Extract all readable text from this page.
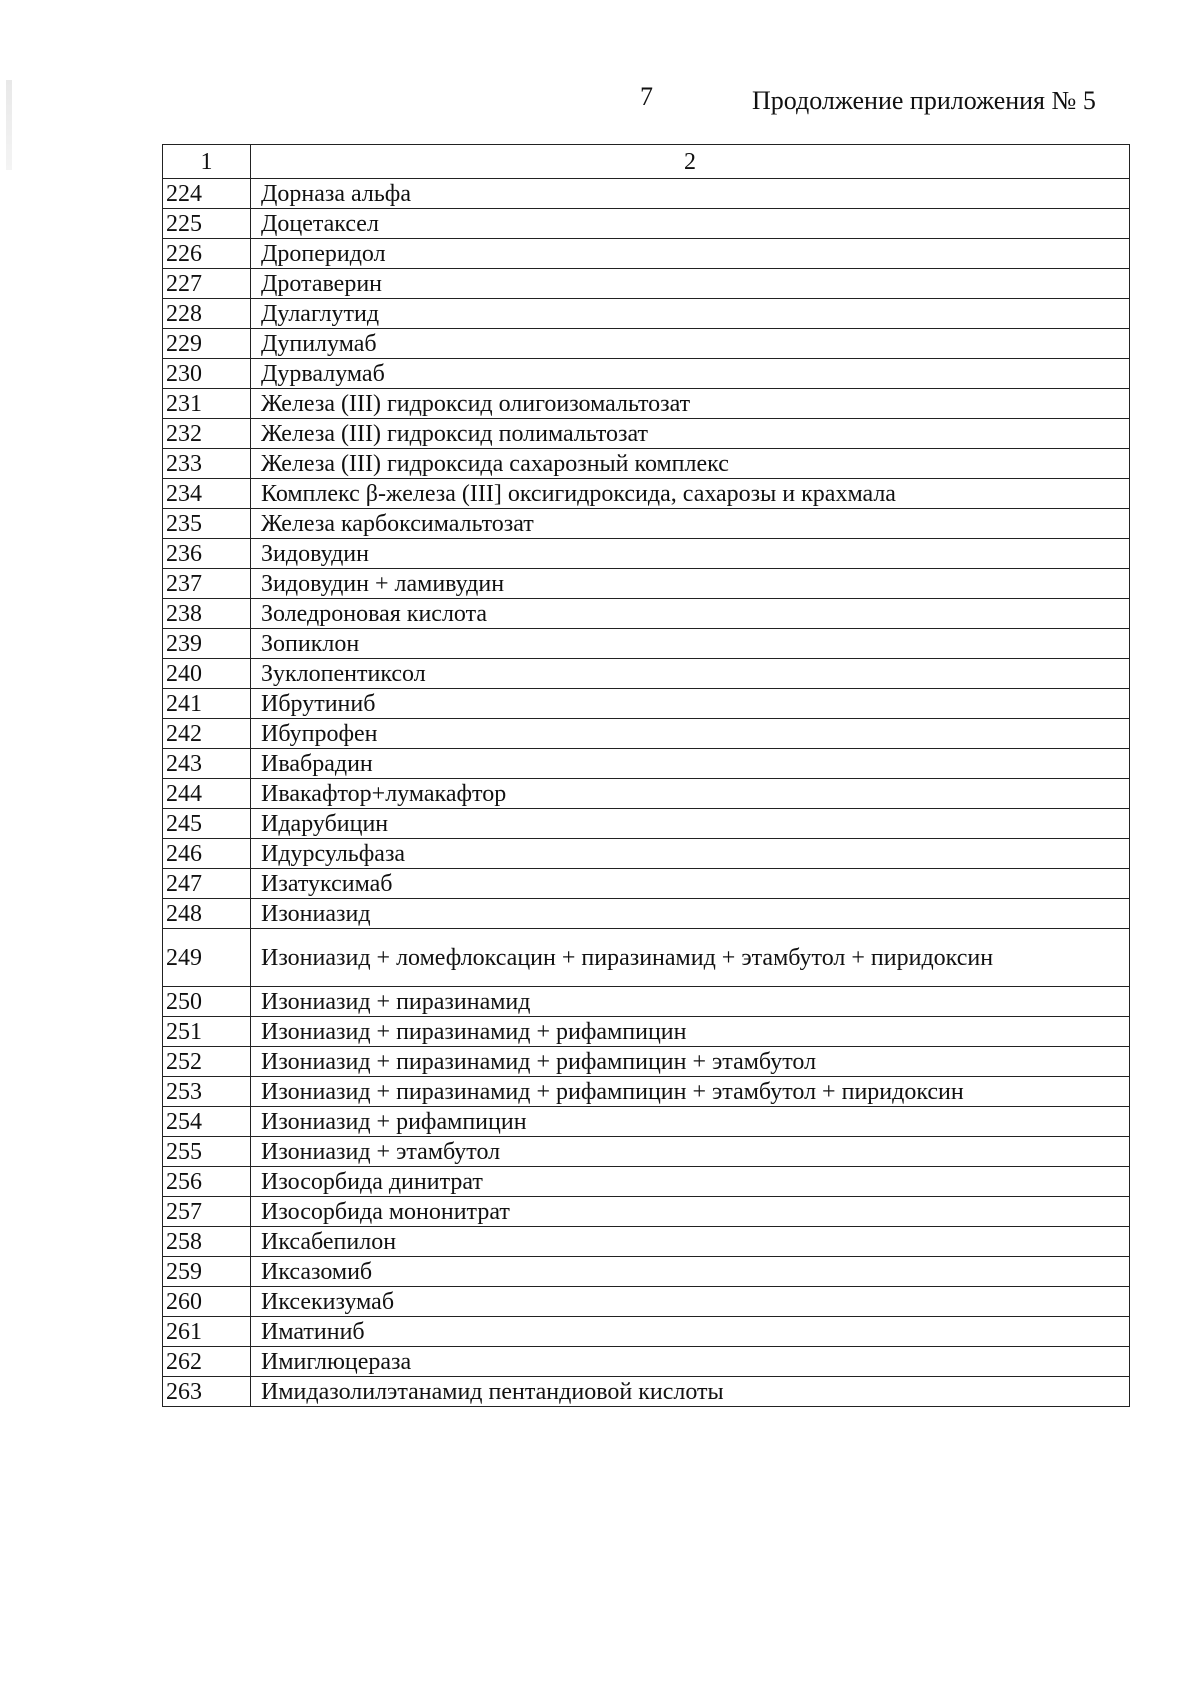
7	Продолжение приложения № 5
1	2
224	Дорназа альфа
225	Доцетаксел
226	Дроперидол
227	Дротаверин
228	Дулаглутид
229	Дупилумаб
230	Дурвалумаб
231	Железа (III) гидроксид олигоизомальтозат
232	Железа (III) гидроксид полимальтозат
233	Железа (III) гидроксида сахарозный комплекс
234	Комплекс β-железа (III] оксигидроксида, сахарозы и крахмала
235	Железа карбоксимальтозат
236	Зидовудин
237	Зидовудин + ламивудин
238	Золедроновая кислота
239	Зопиклон
240	Зуклопентиксол
241	Ибрутиниб
242	Ибупрофен
243	Ивабрадин
244	Ивакафтор+лумакафтор
245	Идарубицин
246	Идурсульфаза
247	Изатуксимаб
248	Изониазид
249	Изониазид + ломефлоксацин + пиразинамид + этамбутол + пиридоксин
250	Изониазид + пиразинамид
251	Изониазид + пиразинамид + рифампицин
252	Изониазид + пиразинамид + рифампицин + этамбутол
253	Изониазид + пиразинамид + рифампицин + этамбутол + пиридоксин
254	Изониазид + рифампицин
255	Изониазид + этамбутол
256	Изосорбида динитрат
257	Изосорбида мононитрат
258	Иксабепилон
259	Иксазомиб
260	Иксекизумаб
261	Иматиниб
262	Имиглюцераза
263	Имидазолилэтанамид пентандиовой кислоты
